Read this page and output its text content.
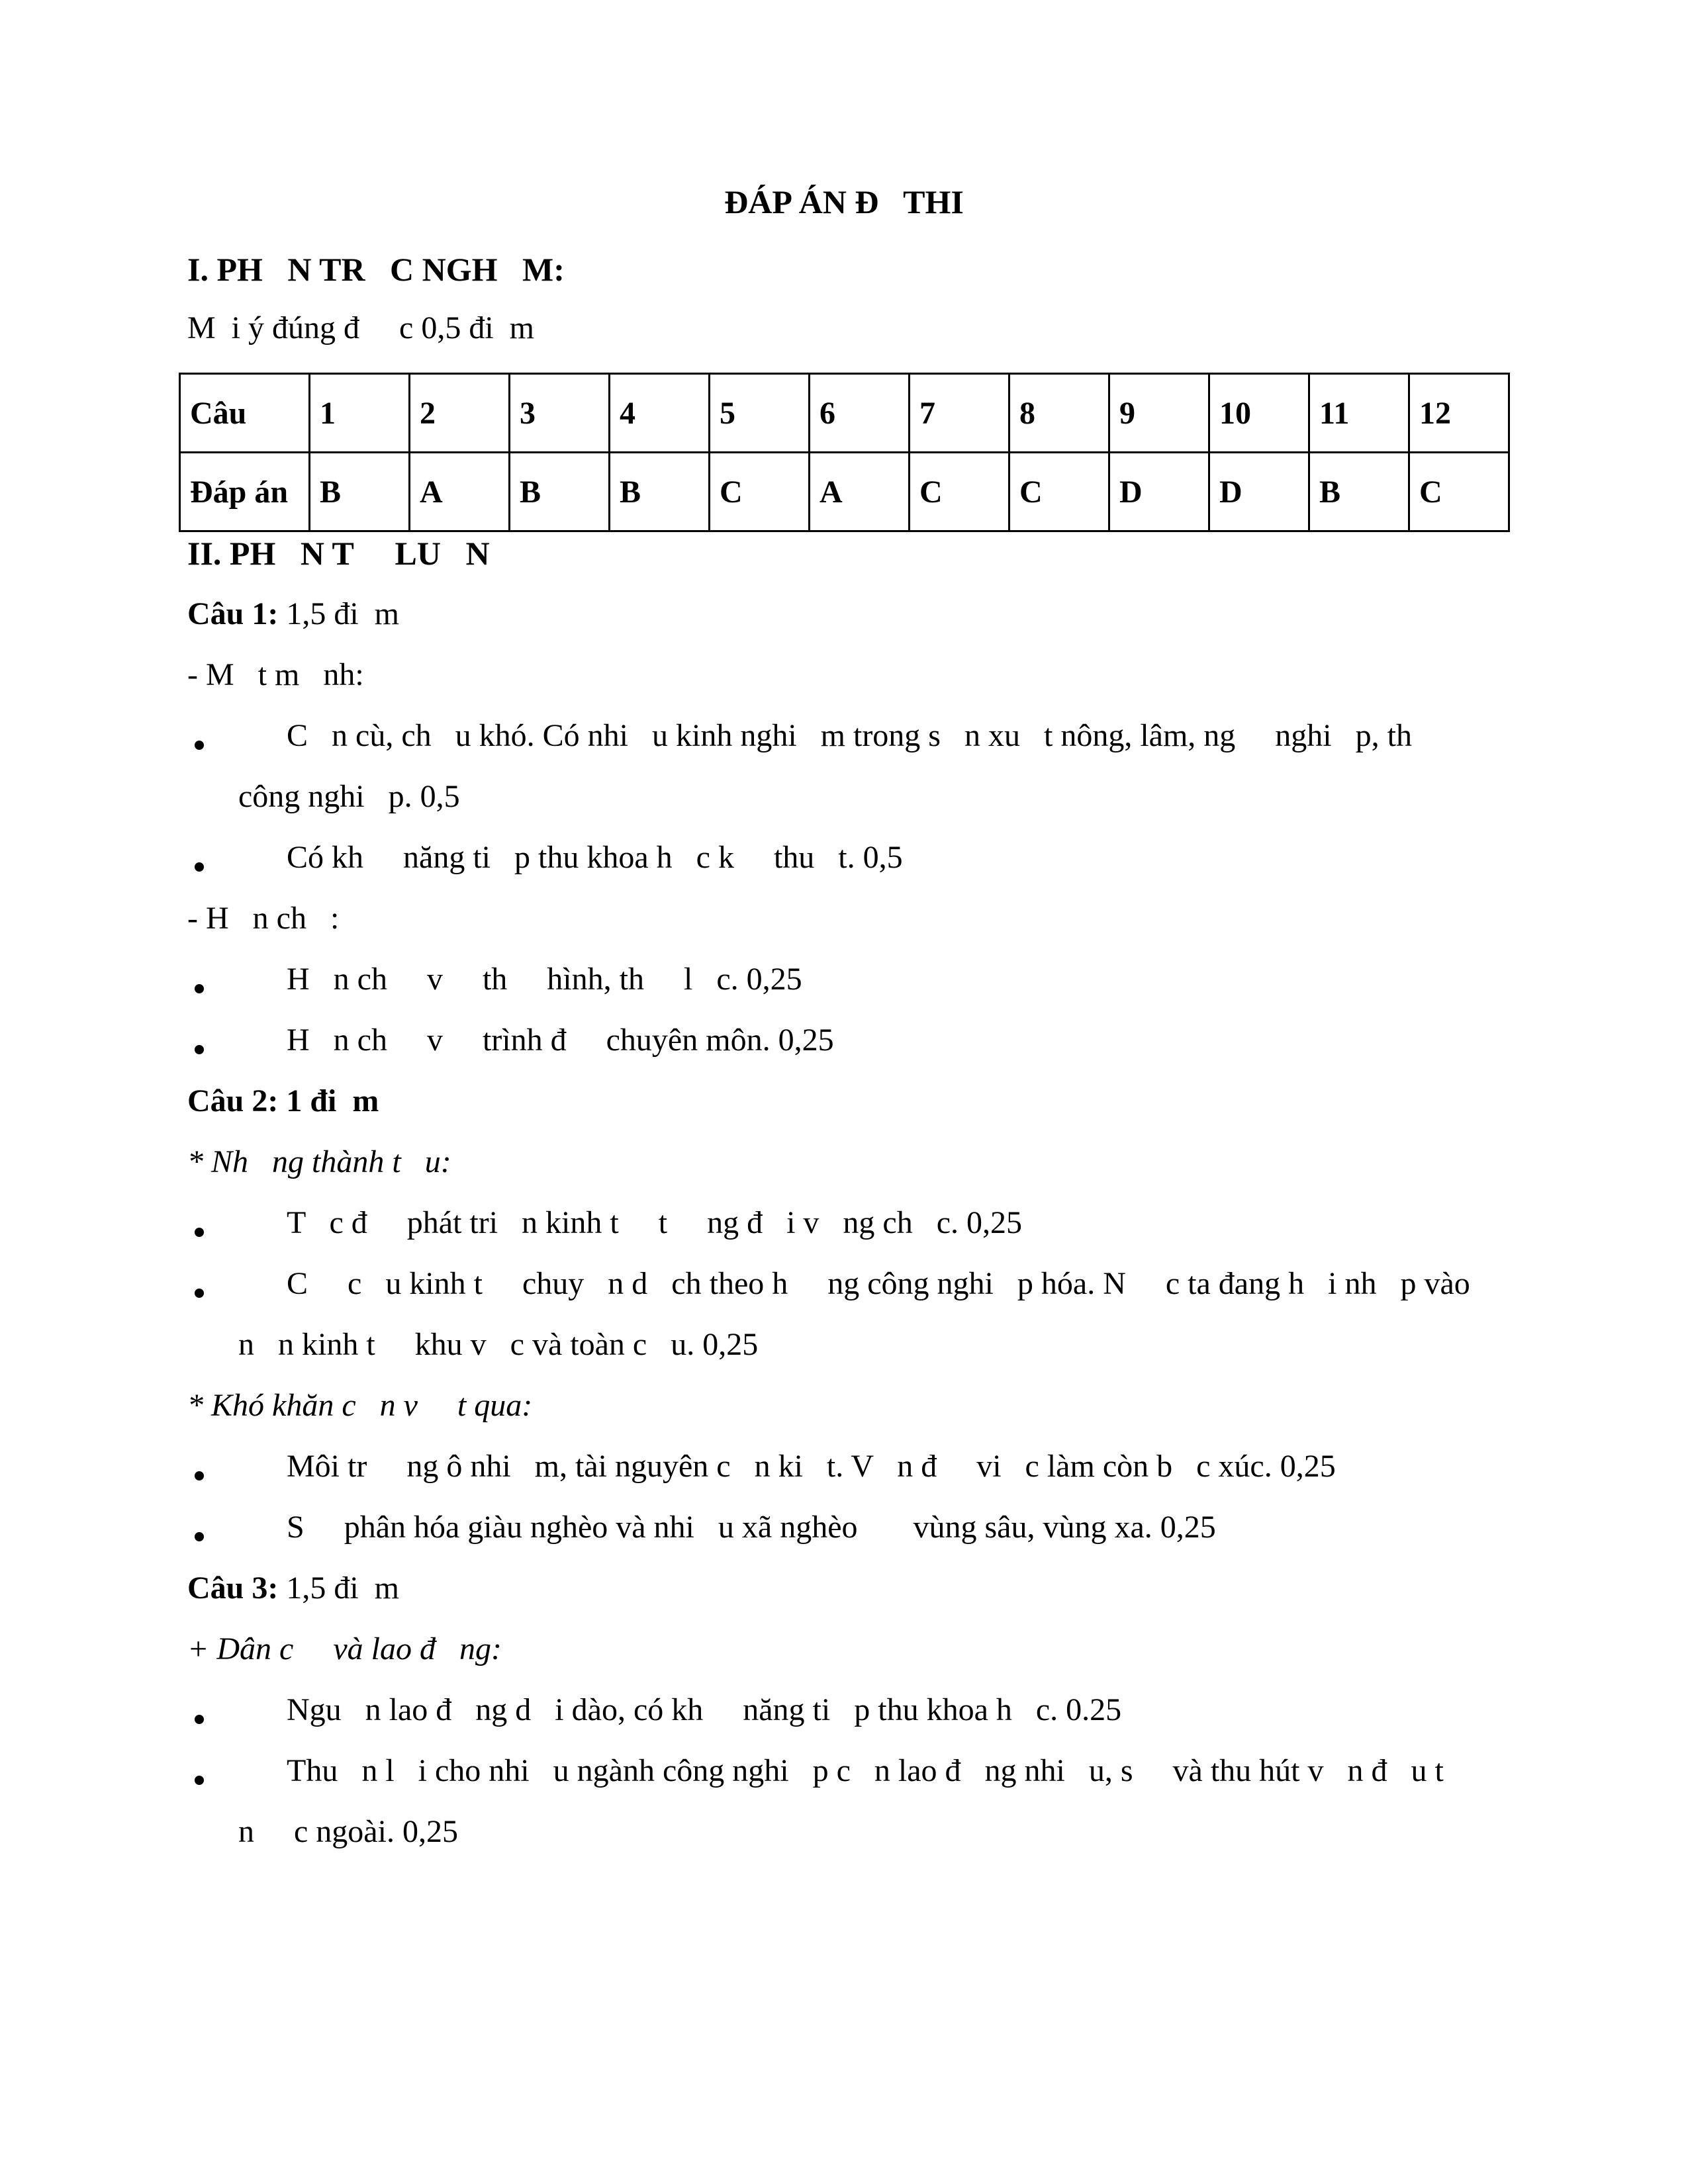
ĐÁP ÁN Đ   THI
I. PH   N TR   C NGH   M:
M  i ý đúng đ     c 0,5 đi  m
Câu	1	2	3	4	5	6	7	8	9	10	11	12
Đáp án	B	A	B	B	C	A	C	C	D	D	B	C
II. PH   N T     LU   N
Câu 1: 1,5 đi  m
- M   t m   nh:
C   n cù, ch   u khó. Có nhi   u kinh nghi   m trong s   n xu   t nông, lâm, ng     nghi   p, th
công nghi   p. 0,5
Có kh     năng ti   p thu khoa h   c k     thu   t. 0,5
- H   n ch   :
H   n ch     v     th     hình, th     l   c. 0,25
H   n ch     v     trình đ     chuyên môn. 0,25
Câu 2: 1 đi  m
* Nh   ng thành t   u:
T   c đ     phát tri   n kinh t     t     ng đ   i v   ng ch   c. 0,25
C     c   u kinh t     chuy   n d   ch theo h     ng công nghi   p hóa. N     c ta đang h   i nh   p vào
n   n kinh t     khu v   c và toàn c   u. 0,25
* Khó khăn c   n v     t qua:
Môi tr     ng ô nhi   m, tài nguyên c   n ki   t. V   n đ     vi   c làm còn b   c xúc. 0,25
S     phân hóa giàu nghèo và nhi   u xã nghèo       vùng sâu, vùng xa. 0,25
Câu 3: 1,5 đi  m
+ Dân c     và lao đ   ng:
Ngu   n lao đ   ng d   i dào, có kh     năng ti   p thu khoa h   c. 0.25
Thu   n l   i cho nhi   u ngành công nghi   p c   n lao đ   ng nhi   u, s     và thu hút v   n đ   u t
n     c ngoài. 0,25
